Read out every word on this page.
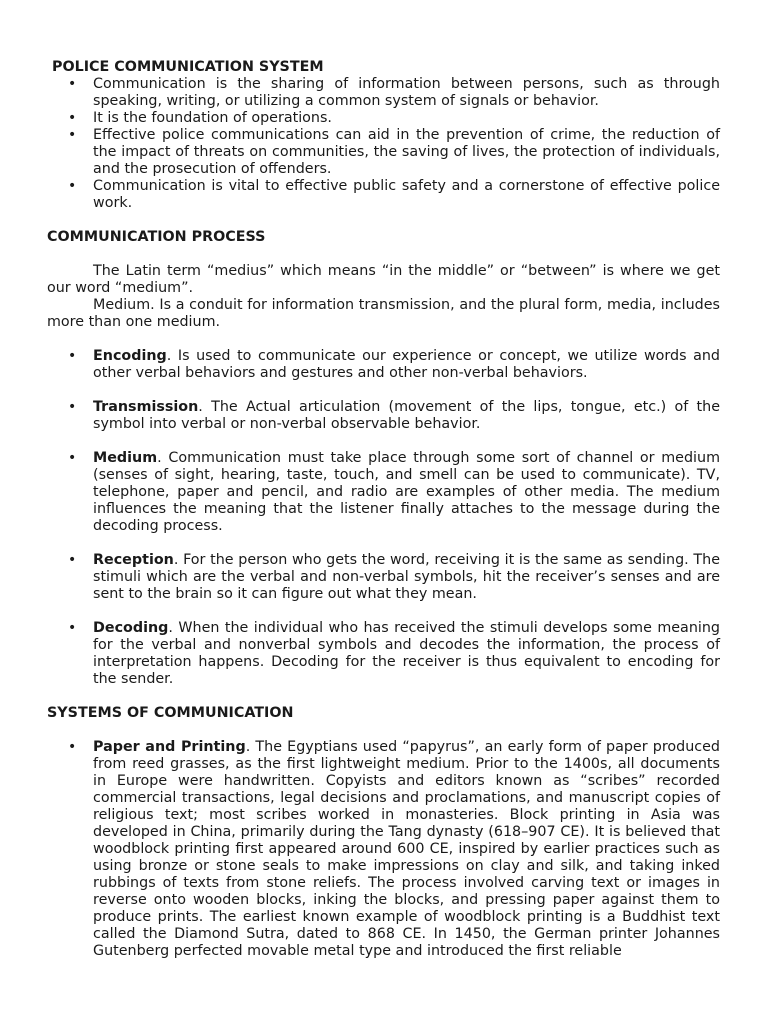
POLICE COMMUNICATION SYSTEM
• Communication is the sharing of information between persons, such as through speaking, writing, or utilizing a common system of signals or behavior.
• It is the foundation of operations.
• Effective police communications can aid in the prevention of crime, the reduction of the impact of threats on communities, the saving of lives, the protection of individuals, and the prosecution of offenders.
• Communication is vital to effective public safety and a cornerstone of effective police work.
COMMUNICATION PROCESS
The Latin term “medius” which means “in the middle” or “between” is where we get our word “medium”.
Medium. Is a conduit for information transmission, and the plural form, media, includes more than one medium.
• Encoding. Is used to communicate our experience or concept, we utilize words and other verbal behaviors and gestures and other non-verbal behaviors.
• Transmission. The Actual articulation (movement of the lips, tongue, etc.) of the symbol into verbal or non-verbal observable behavior.
• Medium. Communication must take place through some sort of channel or medium (senses of sight, hearing, taste, touch, and smell can be used to communicate). TV, telephone, paper and pencil, and radio are examples of other media. The medium influences the meaning that the listener finally attaches to the message during the decoding process.
• Reception. For the person who gets the word, receiving it is the same as sending. The stimuli which are the verbal and non-verbal symbols, hit the receiver’s senses and are sent to the brain so it can figure out what they mean.
• Decoding. When the individual who has received the stimuli develops some meaning for the verbal and nonverbal symbols and decodes the information, the process of interpretation happens. Decoding for the receiver is thus equivalent to encoding for the sender.
SYSTEMS OF COMMUNICATION
• Paper and Printing. The Egyptians used “papyrus”, an early form of paper produced from reed grasses, as the first lightweight medium. Prior to the 1400s, all documents in Europe were handwritten. Copyists and editors known as “scribes” recorded commercial transactions, legal decisions and proclamations, and manuscript copies of religious text; most scribes worked in monasteries. Block printing in Asia was developed in China, primarily during the Tang dynasty (618–907 CE). It is believed that woodblock printing first appeared around 600 CE, inspired by earlier practices such as using bronze or stone seals to make impressions on clay and silk, and taking inked rubbings of texts from stone reliefs. The process involved carving text or images in reverse onto wooden blocks, inking the blocks, and pressing paper against them to produce prints. The earliest known example of woodblock printing is a Buddhist text called the Diamond Sutra, dated to 868 CE. In 1450, the German printer Johannes Gutenberg perfected movable metal type and introduced the first reliable
